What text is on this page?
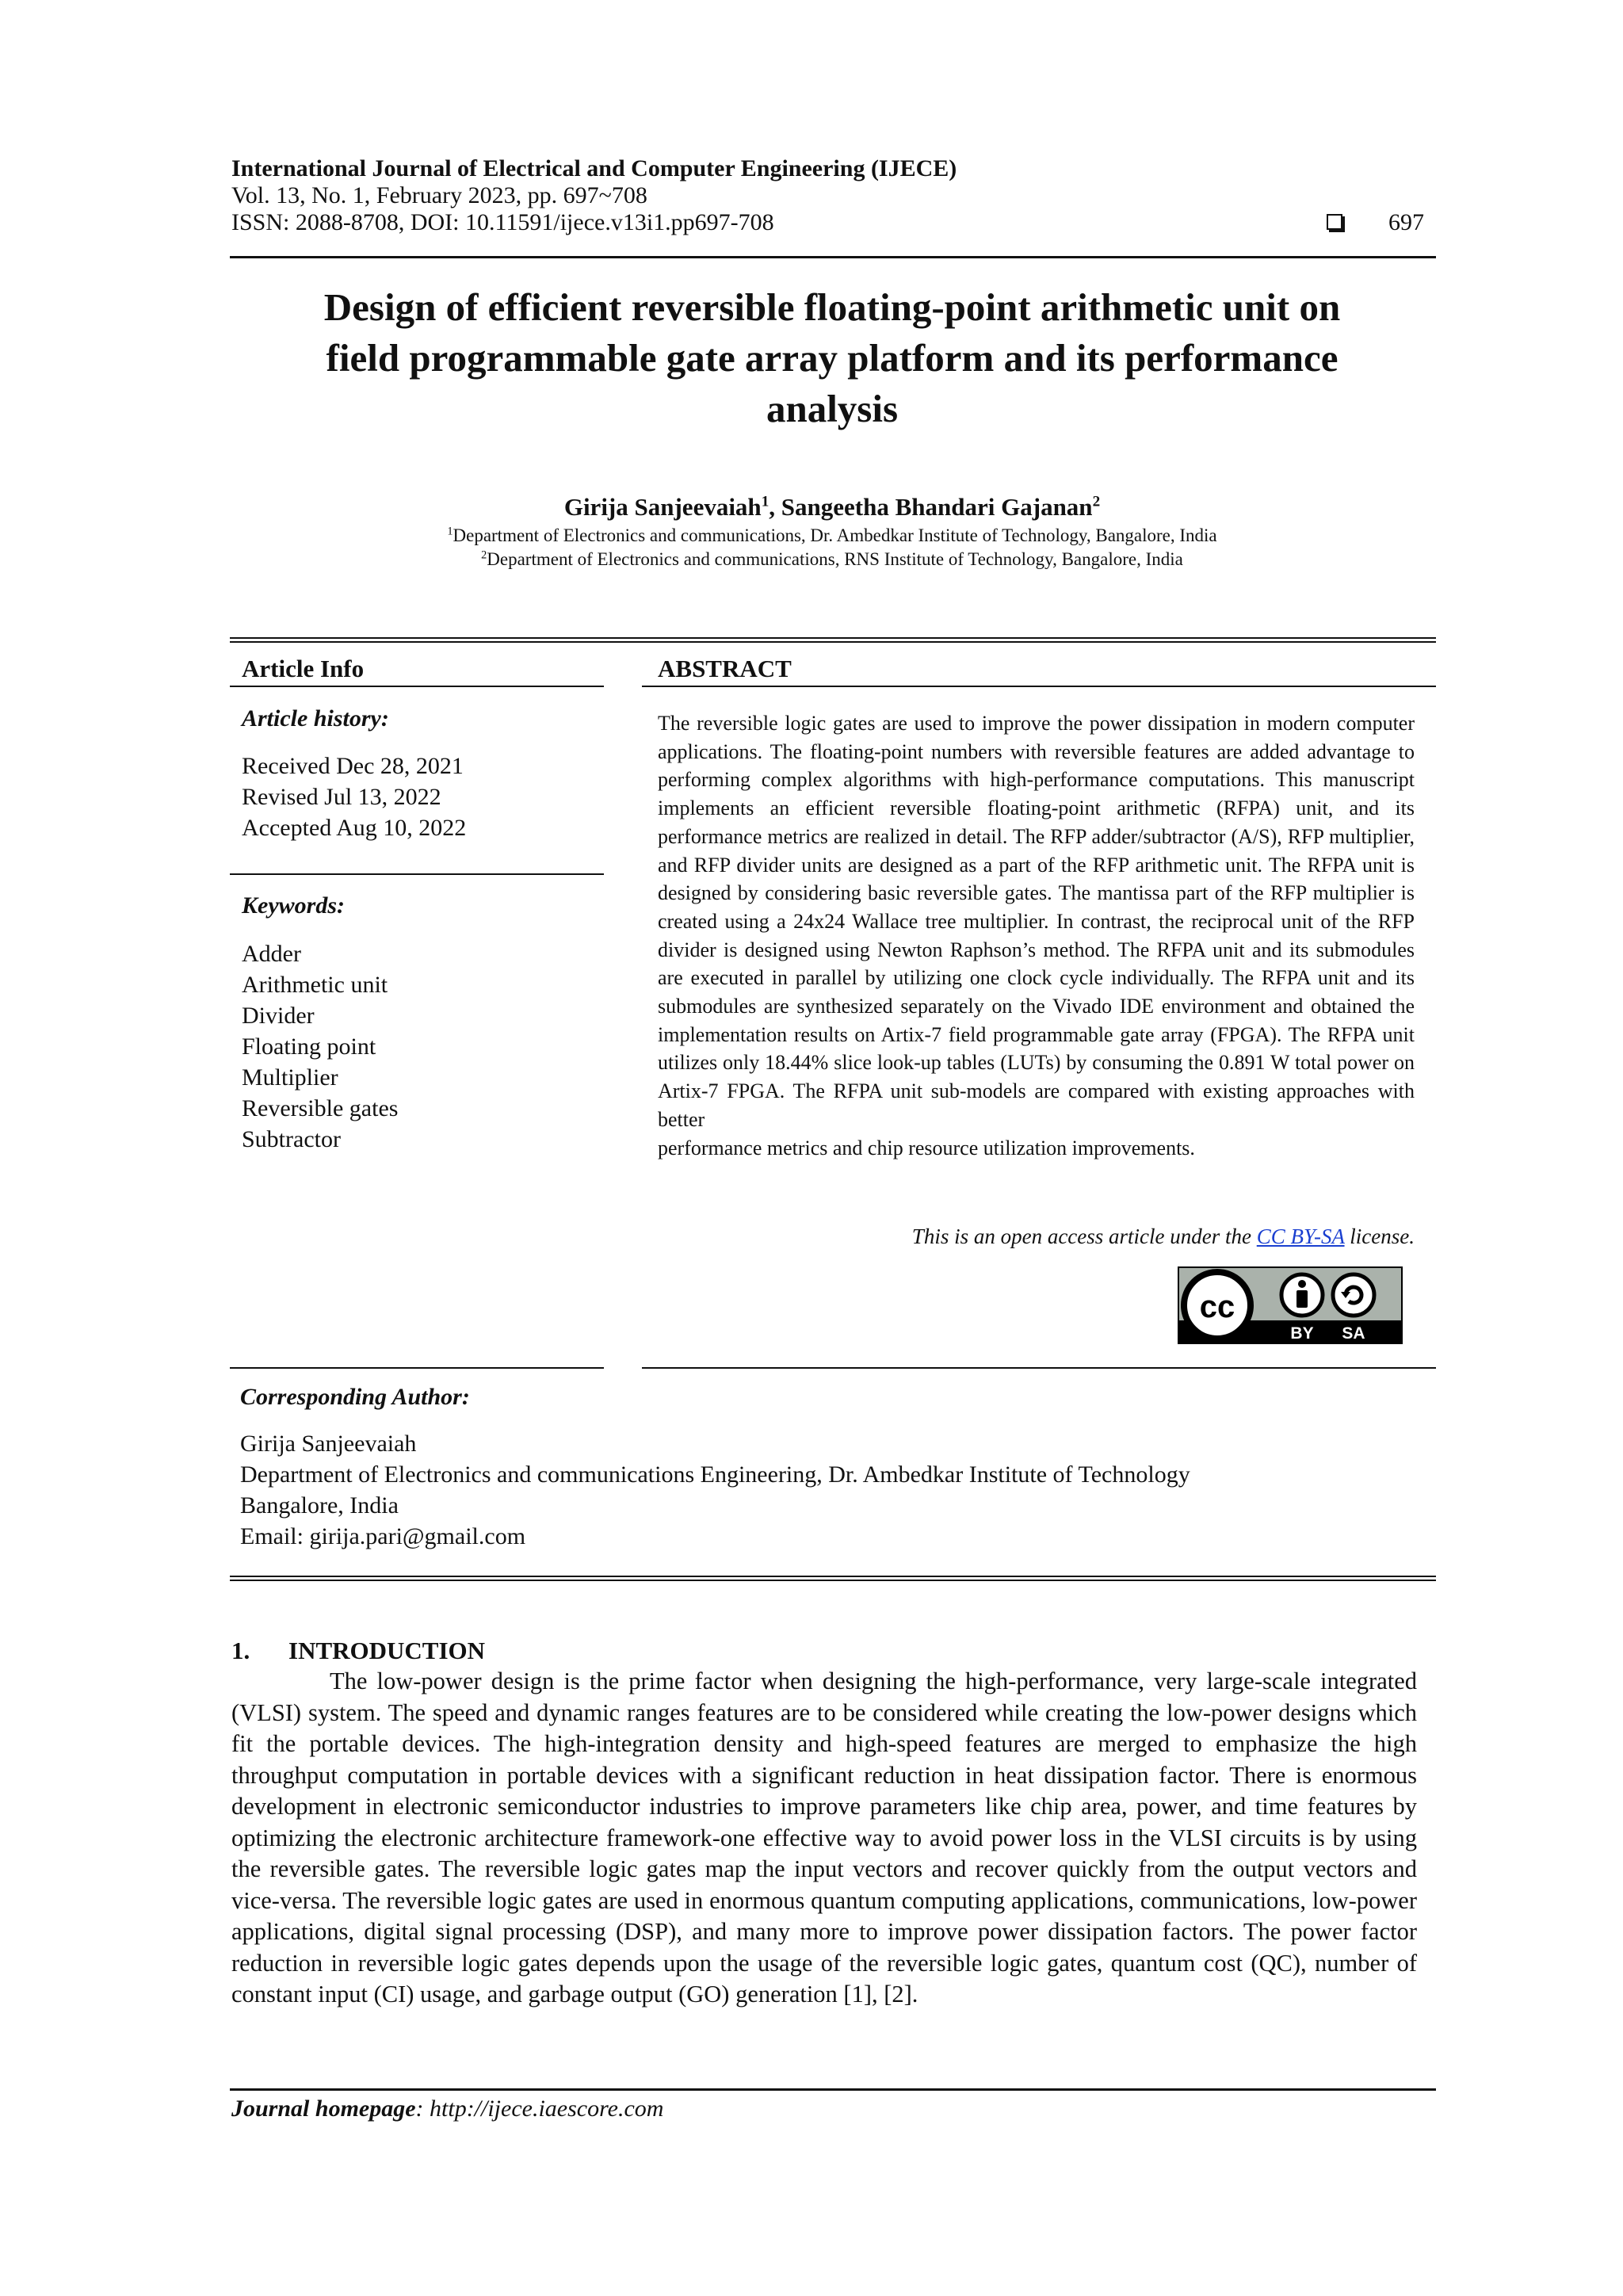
International Journal of Electrical and Computer Engineering (IJECE)
Vol. 13, No. 1, February 2023, pp. 697~708
ISSN: 2088-8708, DOI: 10.11591/ijece.v13i1.pp697-708	697
Design of efficient reversible floating-point arithmetic unit on
field programmable gate array platform and its performance
analysis
Girija Sanjeevaiah$^1$, Sangeetha Bhandari Gajanan$^2$
$^1$Department of Electronics and communications, Dr. Ambedkar Institute of Technology, Bangalore, India
$^2$Department of Electronics and communications, RNS Institute of Technology, Bangalore, India
Article Info
Article history:
Received Dec 28, 2021
Revised Jul 13, 2022
Accepted Aug 10, 2022
Keywords:
Adder
Arithmetic unit
Divider
Floating point
Multiplier
Reversible gates
Subtractor
ABSTRACT

The reversible logic gates are used to improve the power dissipation in modern computer applications. The floating-point numbers with reversible features are added advantage to performing complex algorithms with high-performance computations. This manuscript implements an efficient reversible floating-point arithmetic (RFPA) unit, and its performance metrics are realized in detail. The RFP adder/subtractor (A/S), RFP multiplier, and RFP divider units are designed as a part of the RFP arithmetic unit. The RFPA unit is designed by considering basic reversible gates. The mantissa part of the RFP multiplier is created using a 24x24 Wallace tree multiplier. In contrast, the reciprocal unit of the RFP divider is designed using Newton Raphson’s method. The RFPA unit and its submodules are executed in parallel by utilizing one clock cycle individually. The RFPA unit and its submodules are synthesized separately on the Vivado IDE environment and obtained the implementation results on Artix-7 field programmable gate array (FPGA). The RFPA unit utilizes only 18.44% slice look-up tables (LUTs) by consuming the 0.891 W total power on Artix-7 FPGA. The RFPA unit sub-models are compared with existing approaches with better

performance metrics and chip resource utilization improvements.

This is an open access article under the CC BY-SA license.
cc
BY SA
Corresponding Author:
Girija Sanjeevaiah
Department of Electronics and communications Engineering, Dr. Ambedkar Institute of Technology
Bangalore, India
Email: girija.pari@gmail.com
1. INTRODUCTION

The low-power design is the prime factor when designing the high-performance, very large-scale integrated (VLSI) system. The speed and dynamic ranges features are to be considered while creating the low-power designs which fit the portable devices. The high-integration density and high-speed features are merged to emphasize the high throughput computation in portable devices with a significant reduction in heat dissipation factor. There is enormous development in electronic semiconductor industries to improve parameters like chip area, power, and time features by optimizing the electronic architecture framework-one effective way to avoid power loss in the VLSI circuits is by using the reversible gates. The reversible logic gates map the input vectors and recover quickly from the output vectors and vice-versa. The reversible logic gates are used in enormous quantum computing applications, communications, low-power applications, digital signal processing (DSP), and many more to improve power dissipation factors. The power factor reduction in reversible logic gates depends upon the usage of the reversible logic gates, quantum cost (QC), number of constant input (CI) usage, and garbage output (GO) generation [1], [2].

Journal homepage: http://ijece.iaescore.com
